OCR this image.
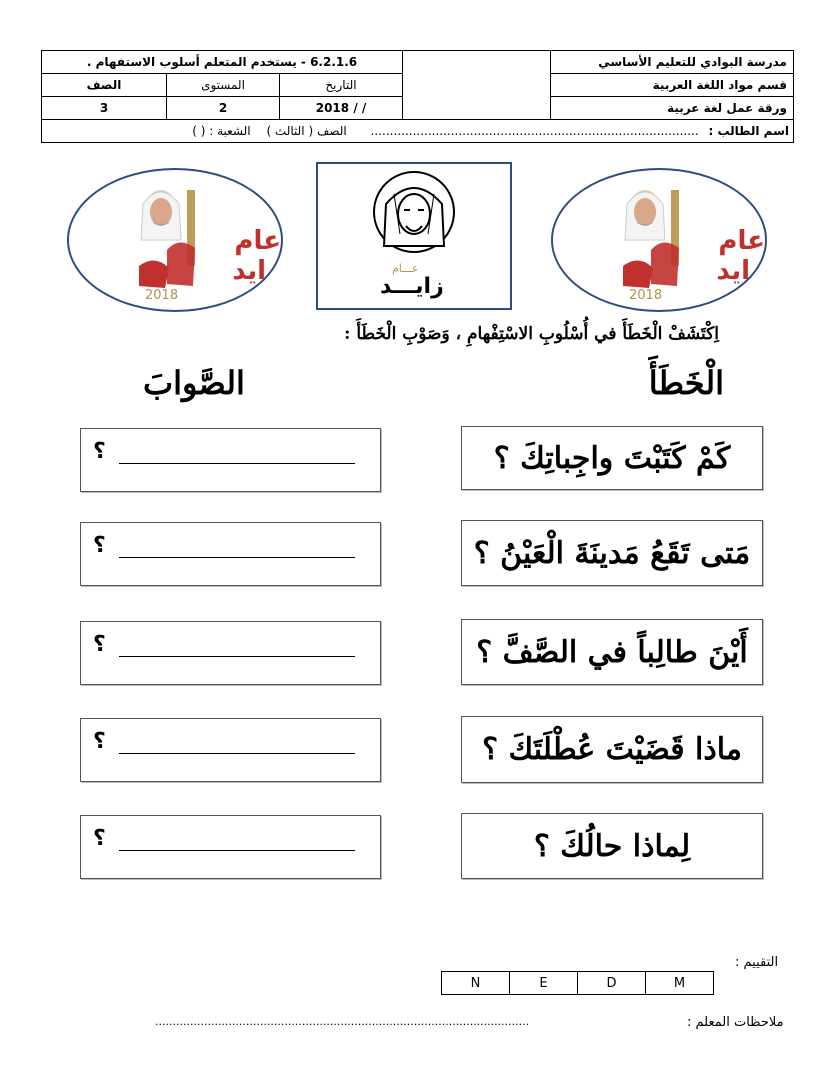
مدرسة البوادي للتعليم الأساسي		6.2.1.6 - يستخدم المتعلم أسلوب الاستفهام .		
قسم مواد اللغة العربية		التاريخ	المستوى	الصف
ورقة عمل لغة عربية		/ / 2018	2	3
اسم الطالب : ...................................................................................... الصف ( الثالث ) الشعبة : ( )				
2018
عام زايد	عـــام
زايـــد	2018
عام زايد
اِكْتَشَفْ الْخَطَأَ في أُسْلُوبِ الاسْتِفْهامِ ، وَصَوْبِ الْخَطَأَ :
الْخَطَأَ
الصَّوابَ
كَمْ كَتَبْتَ واجِباتِكَ ؟
؟
مَتى تَقَعُ مَدينَةَ الْعَيْنُ ؟
؟
أَيْنَ طالِباً في الصَّفَّ ؟
؟
ماذا قَضَيْتَ عُطْلَتَكَ ؟
؟
لِماذا حالُكَ ؟
؟
التقييم :
N	E	D	M
ملاحظات المعلم :
...........................................................................................................
